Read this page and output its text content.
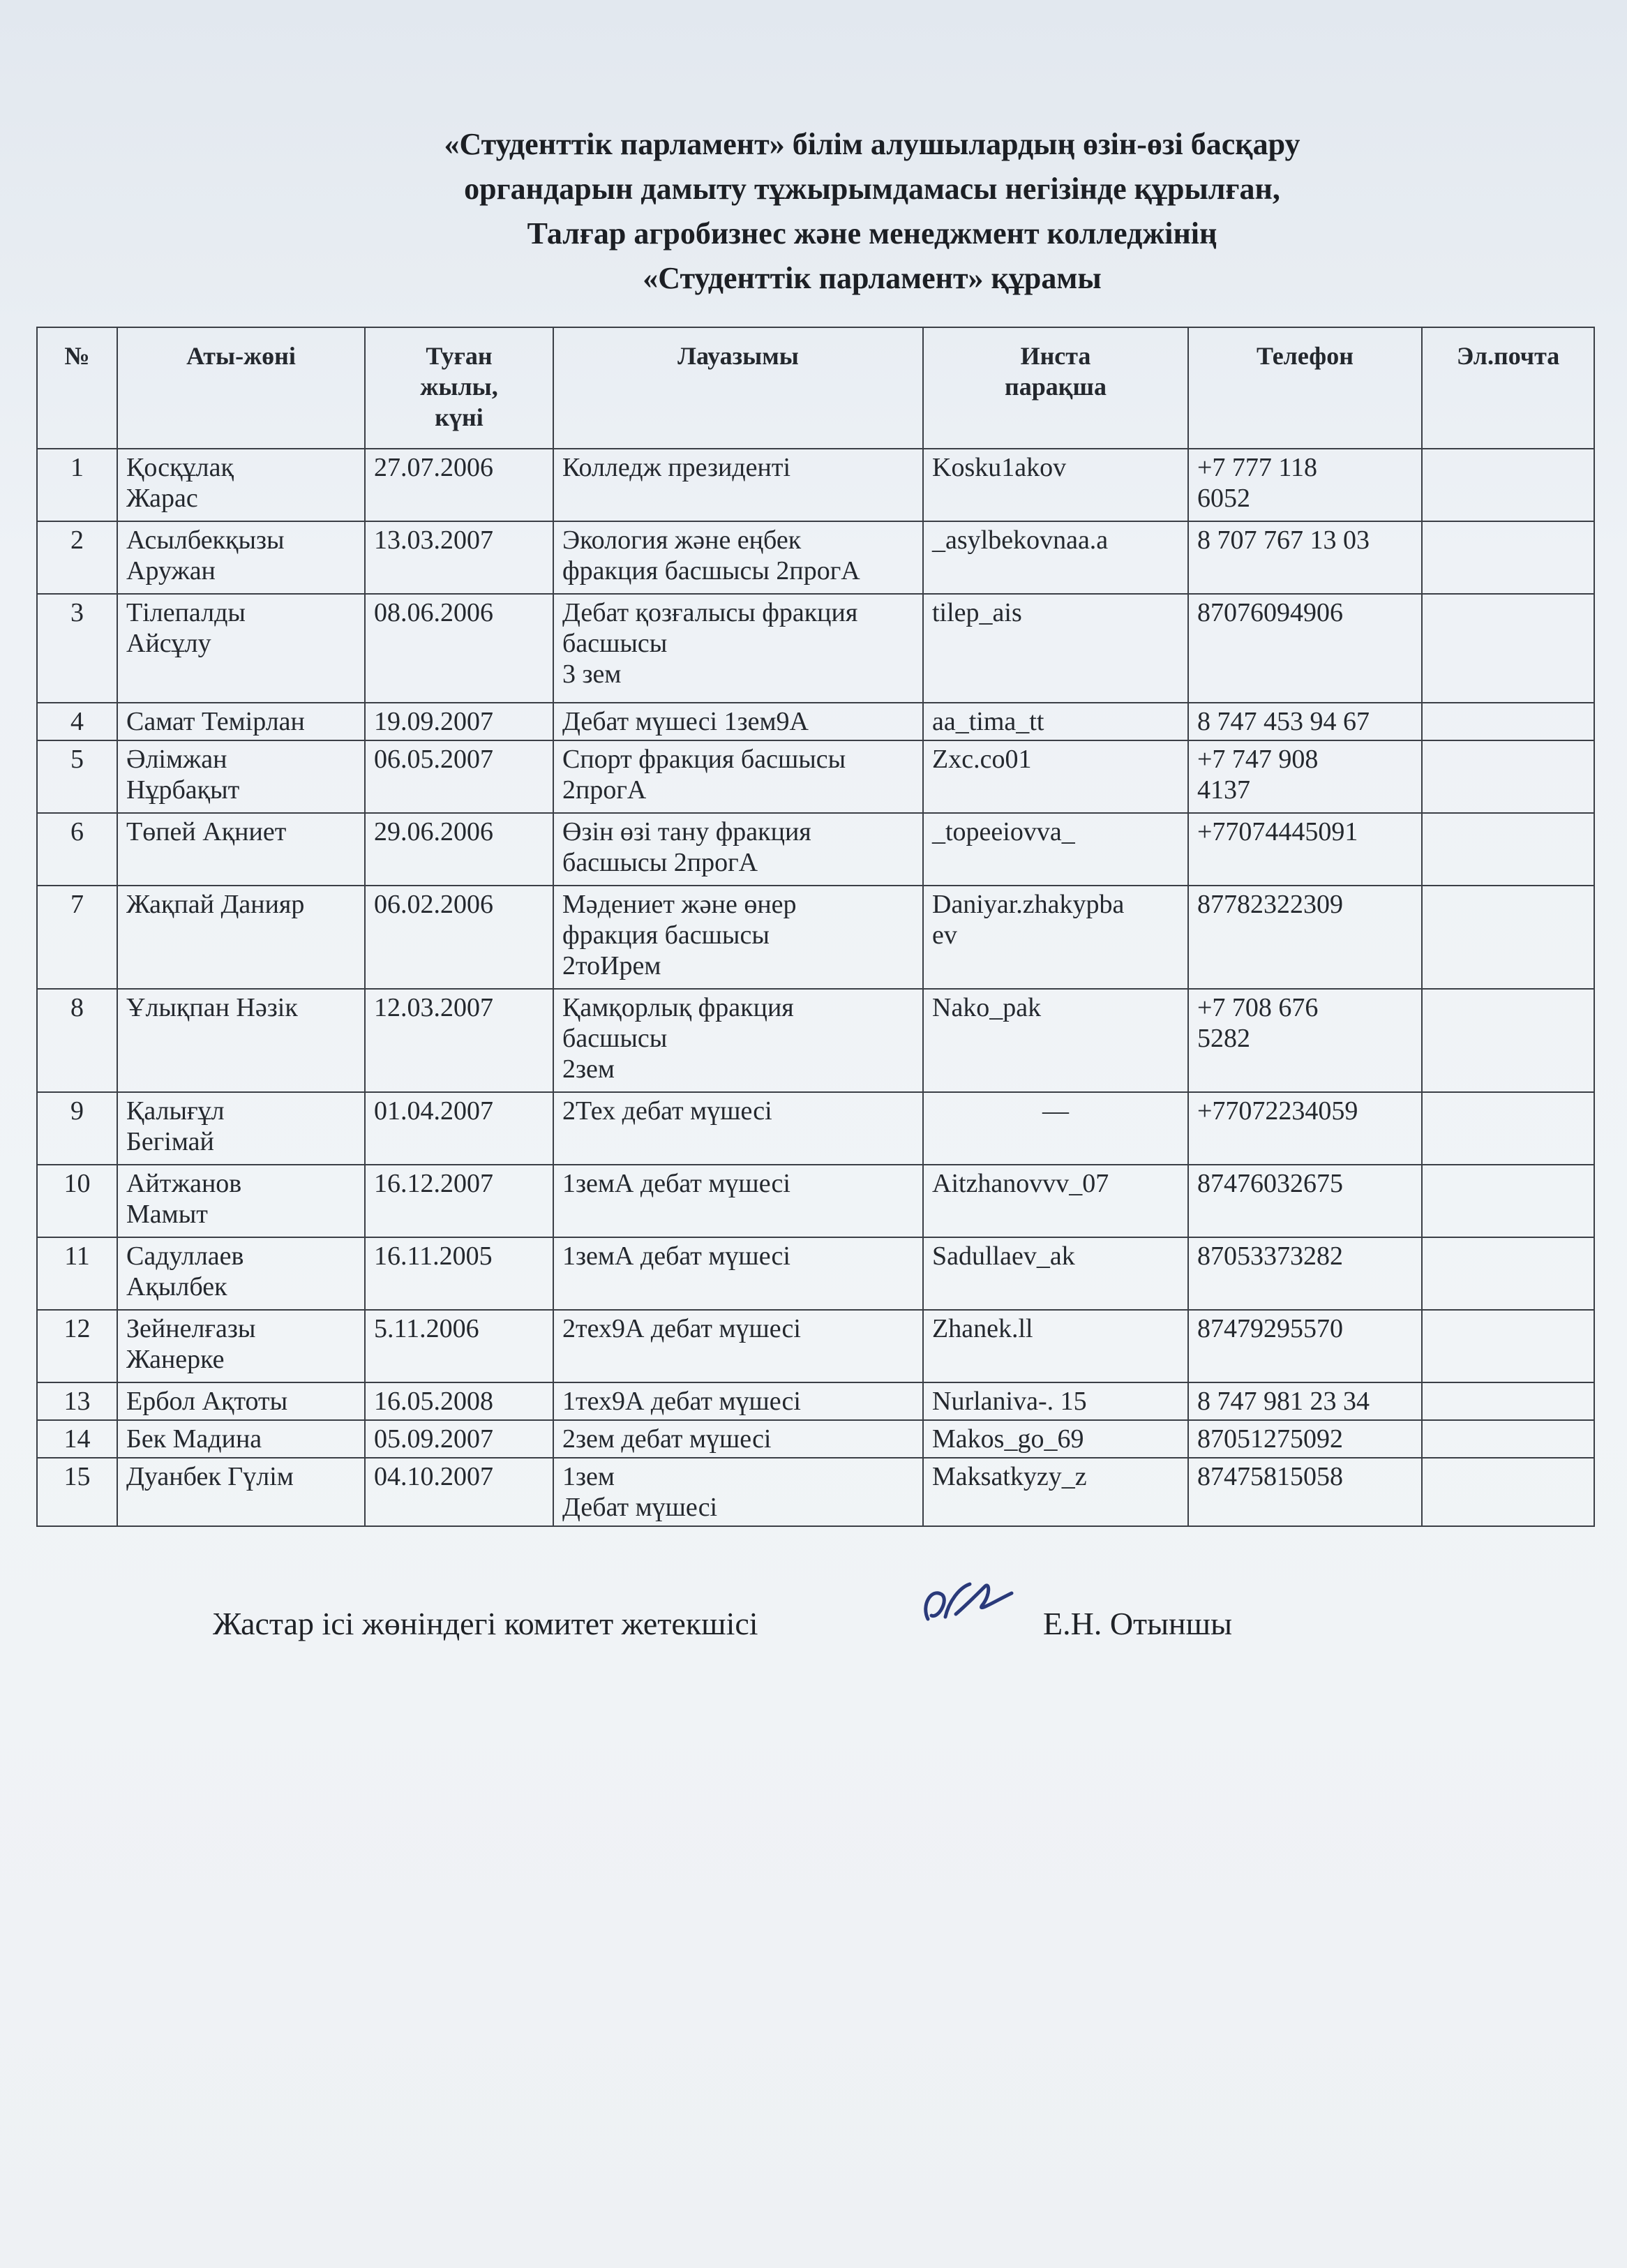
«Студенттік парламент» білім алушылардың өзін-өзі басқару
органдарын дамыту тұжырымдамасы негізінде құрылған,
Талғар агробизнес және менеджмент колледжінің
«Студенттік парламент» құрамы
№	Аты-жөні	Туған
жылы,
күні	Лауазымы	Инста
парақша	Телефон	Эл.почта
1	Қосқұлақ
Жарас	27.07.2006	Колледж президенті	Kosku1akov	+7 777 118
6052	
2	Асылбекқызы
Аружан	13.03.2007	Экология және еңбек
фракция басшысы 2прогА	_asylbekovnaa.a	8 707 767 13 03	
3	Тілепалды
Айсұлу	08.06.2006	Дебат қозғалысы фракция
басшысы
3 зем	tilep_ais	87076094906	
4	Самат Темірлан	19.09.2007	Дебат мүшесі 1зем9А	aa_tima_tt	8 747 453 94 67	
5	Әлімжан
Нұрбақыт	06.05.2007	Спорт фракция басшысы
2прогА	Zxc.co01	+7 747 908
4137	
6	Төпей Ақниет	29.06.2006	Өзін өзі тану фракция
басшысы 2прогА	_topeeiovva_	+77074445091	
7	Жақпай Данияр	06.02.2006	Мәдениет және өнер
фракция басшысы
2тоИрем	Daniyar.zhakypba
ev	87782322309	
8	Ұлықпан Нәзік	12.03.2007	Қамқорлық фракция
басшысы
2зем	Nako_pak	+7 708 676
5282	
9	Қалығұл
Бегімай	01.04.2007	2Тех дебат мүшесі	—	+77072234059	
10	Айтжанов
Мамыт	16.12.2007	1земА дебат мүшесі	Aitzhanovvv_07	87476032675	
11	Садуллаев
Ақылбек	16.11.2005	1земА дебат мүшесі	Sadullaev_ak	87053373282	
12	Зейнелғазы
Жанерке	5.11.2006	2тех9А дебат мүшесі	Zhanek.ll	87479295570	
13	Ербол Ақтоты	16.05.2008	1тех9А дебат мүшесі	Nurlaniva-. 15	8 747 981 23 34	
14	Бек Мадина	05.09.2007	2зем дебат мүшесі	Makos_go_69	87051275092	
15	Дуанбек Гүлім	04.10.2007	1зем
Дебат мүшесі	Maksatkyzy_z	87475815058	
Жастар ісі жөніндегі комитет жетекшісі	Е.Н. Отыншы
